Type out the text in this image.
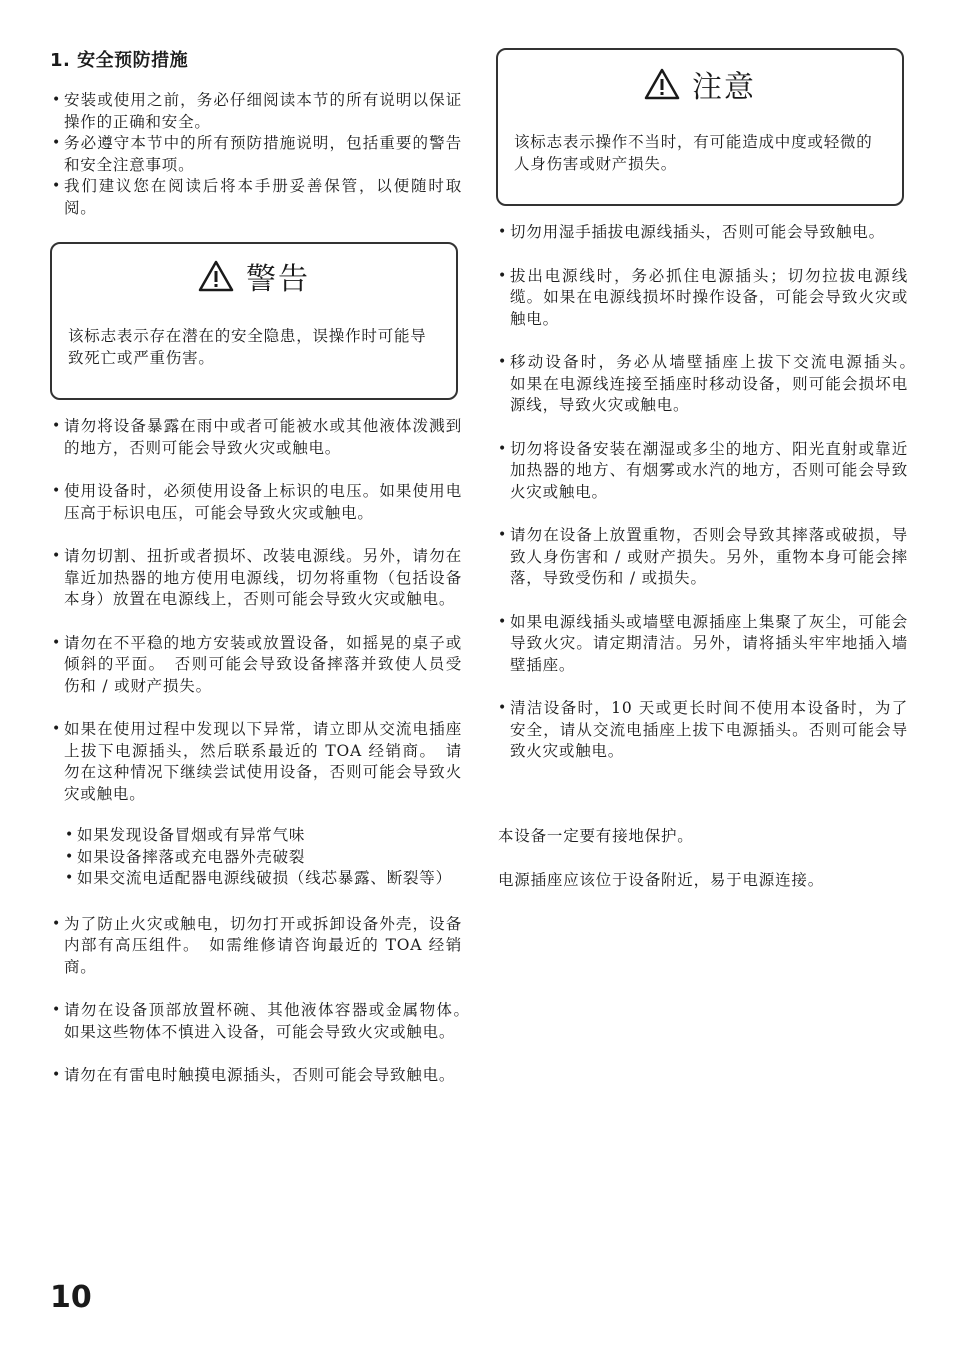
1. 安全预防措施
• 安装或使用之前，务必仔细阅读本节的所有说明以保证操作的正确和安全。
• 务必遵守本节中的所有预防措施说明，包括重要的警告和安全注意事项。
• 我们建议您在阅读后将本手册妥善保管，以便随时取阅。
警告
该标志表示存在潜在的安全隐患，误操作时可能导致死亡或严重伤害。
• 请勿将设备暴露在雨中或者可能被水或其他液体泼溅到的地方，否则可能会导致火灾或触电。
• 使用设备时，必须使用设备上标识的电压。如果使用电压高于标识电压，可能会导致火灾或触电。
• 请勿切割、扭折或者损坏、改装电源线。另外，请勿在靠近加热器的地方使用电源线，切勿将重物（包括设备本身）放置在电源线上，否则可能会导致火灾或触电。
• 请勿在不平稳的地方安装或放置设备，如摇晃的桌子或倾斜的平面。　否则可能会导致设备摔落并致使人员受伤和 / 或财产损失。
• 如果在使用过程中发现以下异常，请立即从交流电插座上拔下电源插头，然后联系最近的 TOA 经销商。　请勿在这种情况下继续尝试使用设备，否则可能会导致火灾或触电。
• 如果发现设备冒烟或有异常气味
• 如果设备摔落或充电器外壳破裂
• 如果交流电适配器电源线破损（线芯暴露、断裂等）
• 为了防止火灾或触电，切勿打开或拆卸设备外壳，设备内部有高压组件。　如需维修请咨询最近的 TOA 经销商。
• 请勿在设备顶部放置杯碗、其他液体容器或金属物体。　如果这些物体不慎进入设备，可能会导致火灾或触电。
• 请勿在有雷电时触摸电源插头，否则可能会导致触电。
注意
该标志表示操作不当时，有可能造成中度或轻微的人身伤害或财产损失。
• 切勿用湿手插拔电源线插头，否则可能会导致触电。
• 拔出电源线时，务必抓住电源插头；切勿拉拔电源线缆。如果在电源线损坏时操作设备，可能会导致火灾或触电。
• 移动设备时，务必从墙壁插座上拔下交流电源插头。　如果在电源线连接至插座时移动设备，则可能会损坏电源线，导致火灾或触电。
• 切勿将设备安装在潮湿或多尘的地方、阳光直射或靠近加热器的地方、有烟雾或水汽的地方，否则可能会导致火灾或触电。
• 请勿在设备上放置重物，否则会导致其摔落或破损，导致人身伤害和 / 或财产损失。另外，重物本身可能会摔落，导致受伤和 / 或损失。
• 如果电源线插头或墙壁电源插座上集聚了灰尘，可能会导致火灾。请定期清洁。另外，请将插头牢牢地插入墙壁插座。
• 清洁设备时，10 天或更长时间不使用本设备时，为了安全，请从交流电插座上拔下电源插头。否则可能会导致火灾或触电。
本设备一定要有接地保护。
电源插座应该位于设备附近，易于电源连接。
10
